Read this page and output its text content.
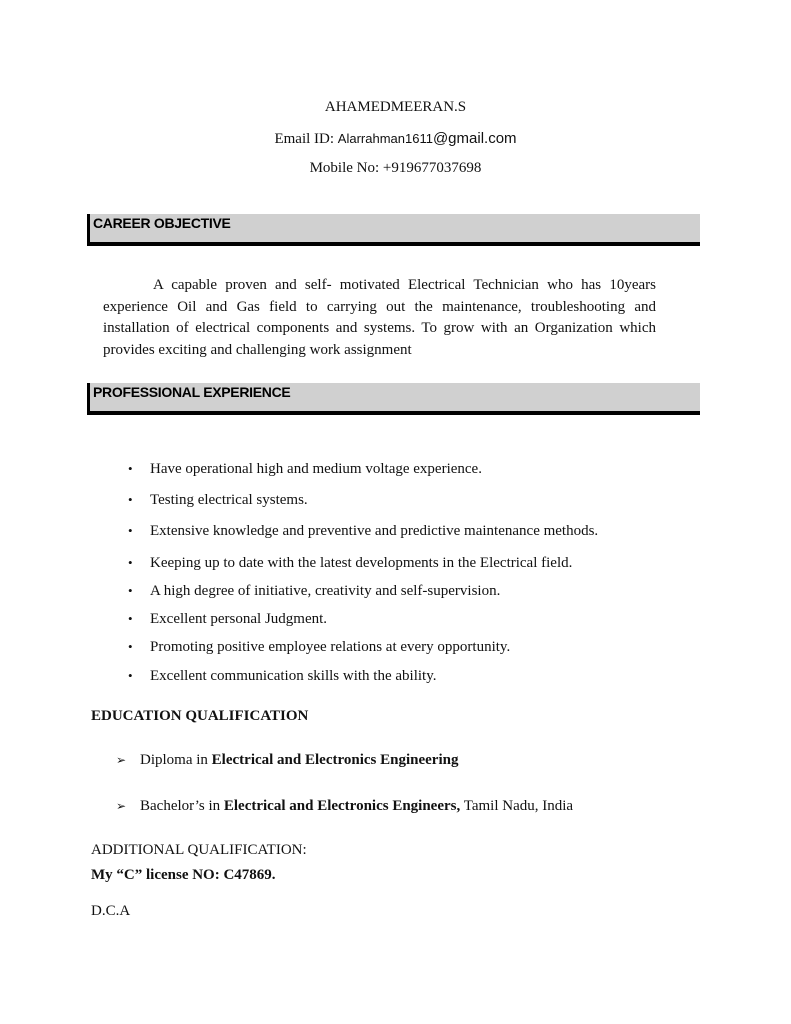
AHAMEDMEERAN.S
Email ID: Alarrahman1611@gmail.com
Mobile No: +919677037698
CAREER OBJECTIVE
A capable proven and self- motivated Electrical Technician who has 10years experience Oil and Gas field to carrying out the maintenance, troubleshooting and installation of electrical components and systems. To grow with an Organization which provides exciting and challenging work assignment
PROFESSIONAL EXPERIENCE
• Have operational high and medium voltage experience.
• Testing electrical systems.
• Extensive knowledge and preventive and predictive maintenance methods.
• Keeping up to date with the latest developments in the Electrical field.
• A high degree of initiative, creativity and self-supervision.
• Excellent personal Judgment.
• Promoting positive employee relations at every opportunity.
• Excellent communication skills with the ability.
EDUCATION QUALIFICATION
➢ Diploma in Electrical and Electronics Engineering
➢ Bachelor’s in Electrical and Electronics Engineers, Tamil Nadu, India
ADDITIONAL QUALIFICATION:
My “C” license NO: C47869.
D.C.A
